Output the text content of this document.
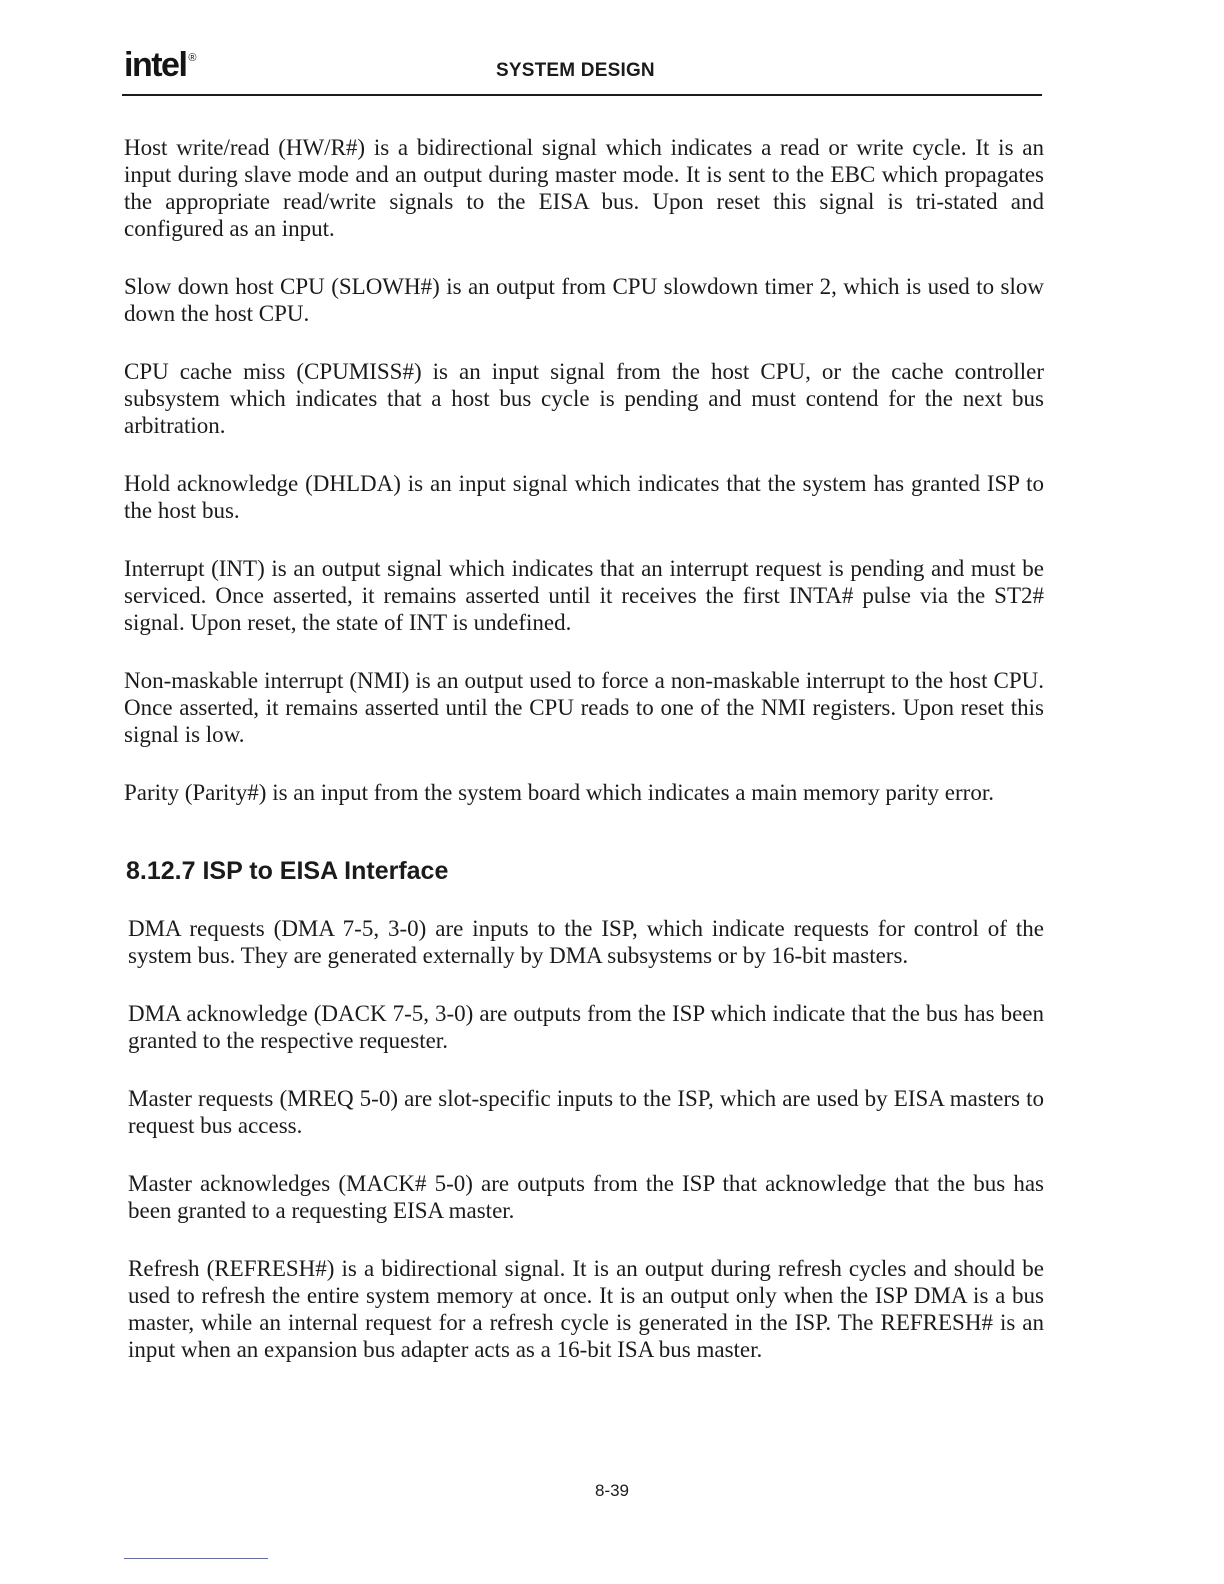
intel ®
SYSTEM DESIGN

Host write/read (HW/R#) is a bidirectional signal which indicates a read or write cycle. It is an input during slave mode and an output during master mode. It is sent to the EBC which propagates the appropriate read/write signals to the EISA bus. Upon reset this signal is tri-stated and configured as an input.

Slow down host CPU (SLOWH#) is an output from CPU slowdown timer 2, which is used to slow down the host CPU.

CPU cache miss (CPUMISS#) is an input signal from the host CPU, or the cache controller subsystem which indicates that a host bus cycle is pending and must contend for the next bus arbitration.

Hold acknowledge (DHLDA) is an input signal which indicates that the system has granted ISP to the host bus.

Interrupt (INT) is an output signal which indicates that an interrupt request is pending and must be serviced. Once asserted, it remains asserted until it receives the first INTA# pulse via the ST2# signal. Upon reset, the state of INT is undefined.

Non-maskable interrupt (NMI) is an output used to force a non-maskable interrupt to the host CPU. Once asserted, it remains asserted until the CPU reads to one of the NMI registers. Upon reset this signal is low.

Parity (Parity#) is an input from the system board which indicates a main memory parity error.

8.12.7 ISP to EISA Interface

DMA requests (DMA 7-5, 3-0) are inputs to the ISP, which indicate requests for control of the system bus. They are generated externally by DMA subsystems or by 16-bit masters.

DMA acknowledge (DACK 7-5, 3-0) are outputs from the ISP which indicate that the bus has been granted to the respective requester.

Master requests (MREQ 5-0) are slot-specific inputs to the ISP, which are used by EISA masters to request bus access.

Master acknowledges (MACK# 5-0) are outputs from the ISP that acknowledge that the bus has been granted to a requesting EISA master.

Refresh (REFRESH#) is a bidirectional signal. It is an output during refresh cycles and should be used to refresh the entire system memory at once. It is an output only when the ISP DMA is a bus master, while an internal request for a refresh cycle is generated in the ISP. The REFRESH# is an input when an expansion bus adapter acts as a 16-bit ISA bus master.

8-39
